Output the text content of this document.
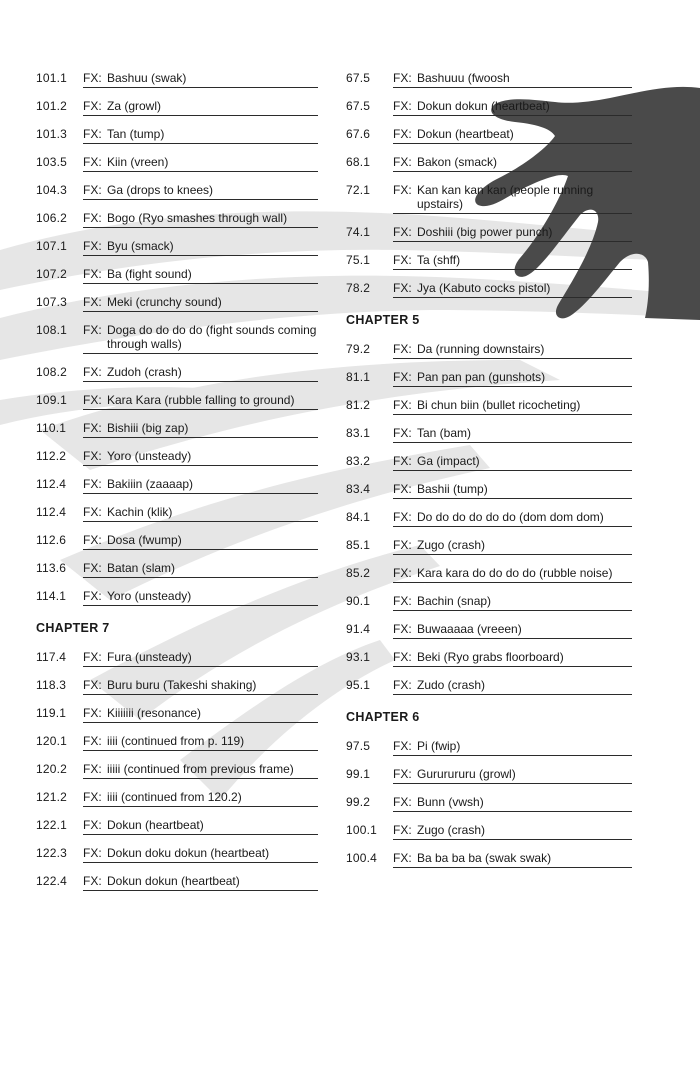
101.1	FX: Bashuu (swak)
101.2	FX: Za (growl)
101.3	FX: Tan (tump)
103.5	FX: Kiin (vreen)
104.3	FX: Ga (drops to knees)
106.2	FX: Bogo (Ryo smashes through wall)
107.1	FX: Byu (smack)
107.2	FX: Ba (fight sound)
107.3	FX: Meki (crunchy sound)
108.1	FX: Doga do do do do (fight sounds coming through walls)
108.2	FX: Zudoh (crash)
109.1	FX: Kara Kara (rubble falling to ground)
110.1	FX: Bishiii (big zap)
112.2	FX: Yoro (unsteady)
112.4	FX: Bakiiin (zaaaap)
112.4	FX: Kachin (klik)
112.6	FX: Dosa (fwump)
113.6	FX: Batan (slam)
114.1	FX: Yoro (unsteady)
CHAPTER 7
117.4	FX: Fura (unsteady)
118.3	FX: Buru buru (Takeshi shaking)
119.1	FX: Kiiiiiii (resonance)
120.1	FX: iiii (continued from p. 119)
120.2	FX: iiiii (continued from previous frame)
121.2	FX: iiii (continued from 120.2)
122.1	FX: Dokun (heartbeat)
122.3	FX: Dokun doku dokun (heartbeat)
122.4	FX: Dokun dokun (heartbeat)
67.5	FX: Bashuuu (fwoosh
67.5	FX: Dokun dokun (heartbeat)
67.6	FX: Dokun (heartbeat)
68.1	FX: Bakon (smack)
72.1	FX: Kan kan kan kan (people running upstairs)
74.1	FX: Doshiii (big power punch)
75.1	FX: Ta (shff)
78.2	FX: Jya (Kabuto cocks pistol)
CHAPTER 5
79.2	FX: Da (running downstairs)
81.1	FX: Pan pan pan (gunshots)
81.2	FX: Bi chun biin (bullet ricocheting)
83.1	FX: Tan (bam)
83.2	FX: Ga (impact)
83.4	FX: Bashii (tump)
84.1	FX: Do do do do do do (dom dom dom)
85.1	FX: Zugo (crash)
85.2	FX: Kara kara do do do do (rubble noise)
90.1	FX: Bachin (snap)
91.4	FX: Buwaaaaa (vreeen)
93.1	FX: Beki (Ryo grabs floorboard)
95.1	FX: Zudo (crash)
CHAPTER 6
97.5	FX: Pi (fwip)
99.1	FX: Gururururu (growl)
99.2	FX: Bunn (vwsh)
100.1	FX: Zugo (crash)
100.4	FX: Ba ba ba ba (swak swak)
